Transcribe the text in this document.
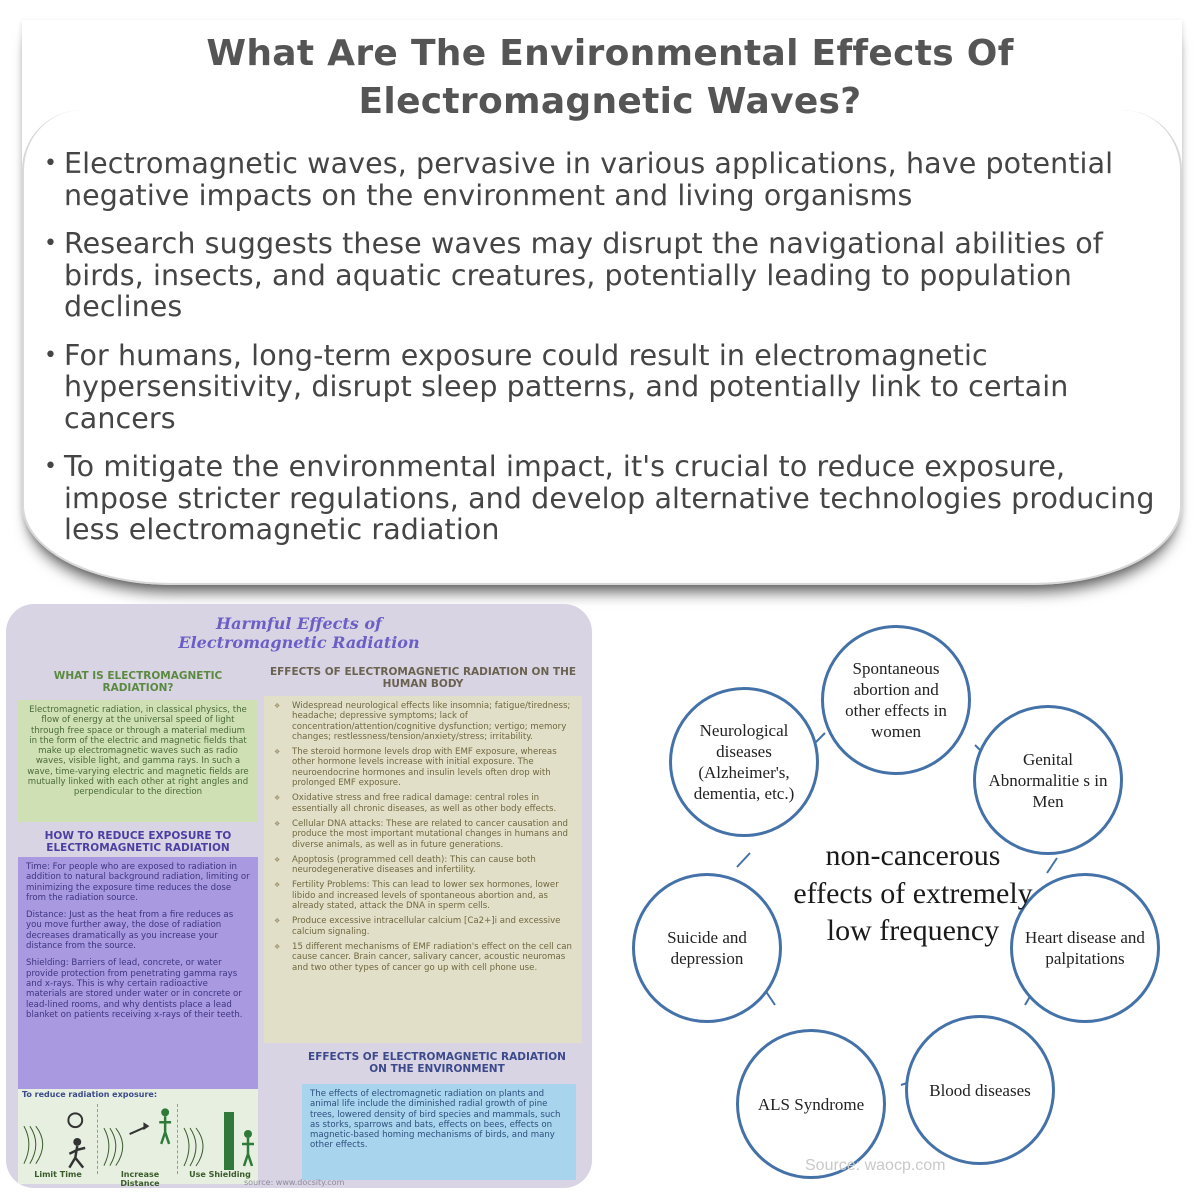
What Are The Environmental Effects Of Electromagnetic Waves?
• Electromagnetic waves, pervasive in various applications, have potential negative impacts on the environment and living organisms
• Research suggests these waves may disrupt the navigational abilities of birds, insects, and aquatic creatures, potentially leading to population declines
• For humans, long-term exposure could result in electromagnetic hypersensitivity, disrupt sleep patterns, and potentially link to certain cancers
• To mitigate the environmental impact, it's crucial to reduce exposure, impose stricter regulations, and develop alternative technologies producing less electromagnetic radiation
Harmful Effects of
Electromagnetic Radiation
WHAT IS ELECTROMAGNETIC RADIATION?
Electromagnetic radiation, in classical physics, the flow of energy at the universal speed of light through free space or through a material medium in the form of the electric and magnetic fields that make up electromagnetic waves such as radio waves, visible light, and gamma rays. In such a wave, time-varying electric and magnetic fields are mutually linked with each other at right angles and perpendicular to the direction
HOW TO REDUCE EXPOSURE TO ELECTROMAGNETIC RADIATION

Time: For people who are exposed to radiation in addition to natural background radiation, limiting or minimizing the exposure time reduces the dose from the radiation source.

Distance: Just as the heat from a fire reduces as you move further away, the dose of radiation decreases dramatically as you increase your distance from the source.

Shielding: Barriers of lead, concrete, or water provide protection from penetrating gamma rays and x-rays. This is why certain radioactive materials are stored under water or in concrete or lead-lined rooms, and why dentists place a lead blanket on patients receiving x-rays of their teeth.

EFFECTS OF ELECTROMAGNETIC RADIATION ON THE HUMAN BODY
❖ Widespread neurological effects like insomnia; fatigue/tiredness; headache; depressive symptoms; lack of concentration/attention/cognitive dysfunction; vertigo; memory changes; restlessness/tension/anxiety/stress; irritability.
❖ The steroid hormone levels drop with EMF exposure, whereas other hormone levels increase with initial exposure. The neuroendocrine hormones and insulin levels often drop with prolonged EMF exposure.
❖ Oxidative stress and free radical damage: central roles in essentially all chronic diseases, as well as other body effects.
❖ Cellular DNA attacks: These are related to cancer causation and produce the most important mutational changes in humans and diverse animals, as well as in future generations.
❖ Apoptosis (programmed cell death): This can cause both neurodegenerative diseases and infertility.
❖ Fertility Problems: This can lead to lower sex hormones, lower libido and increased levels of spontaneous abortion and, as already stated, attack the DNA in sperm cells.
❖ Produce excessive intracellular calcium [Ca2+]i and excessive calcium signaling.
❖ 15 different mechanisms of EMF radiation's effect on the cell can cause cancer. Brain cancer, salivary cancer, acoustic neuromas and two other types of cancer go up with cell phone use.
EFFECTS OF ELECTROMAGNETIC RADIATION ON THE ENVIRONMENT
The effects of electromagnetic radiation on plants and animal life include the diminished radial growth of pine trees, lowered density of bird species and mammals, such as storks, sparrows and bats, effects on bees, effects on magnetic-based homing mechanisms of birds, and many other effects.
To reduce radiation exposure:
Limit Time	Increase Distance
Use Shielding
source: www.docsity.com
Spontaneous abortion and other effects in women
Genital Abnormalitie s in Men
Heart disease and palpitations
Blood diseases
ALS Syndrome
Suicide and depression
Neurological diseases (Alzheimer's, dementia, etc.)
non-cancerous effects of extremely low frequency
Source: waocp.com
